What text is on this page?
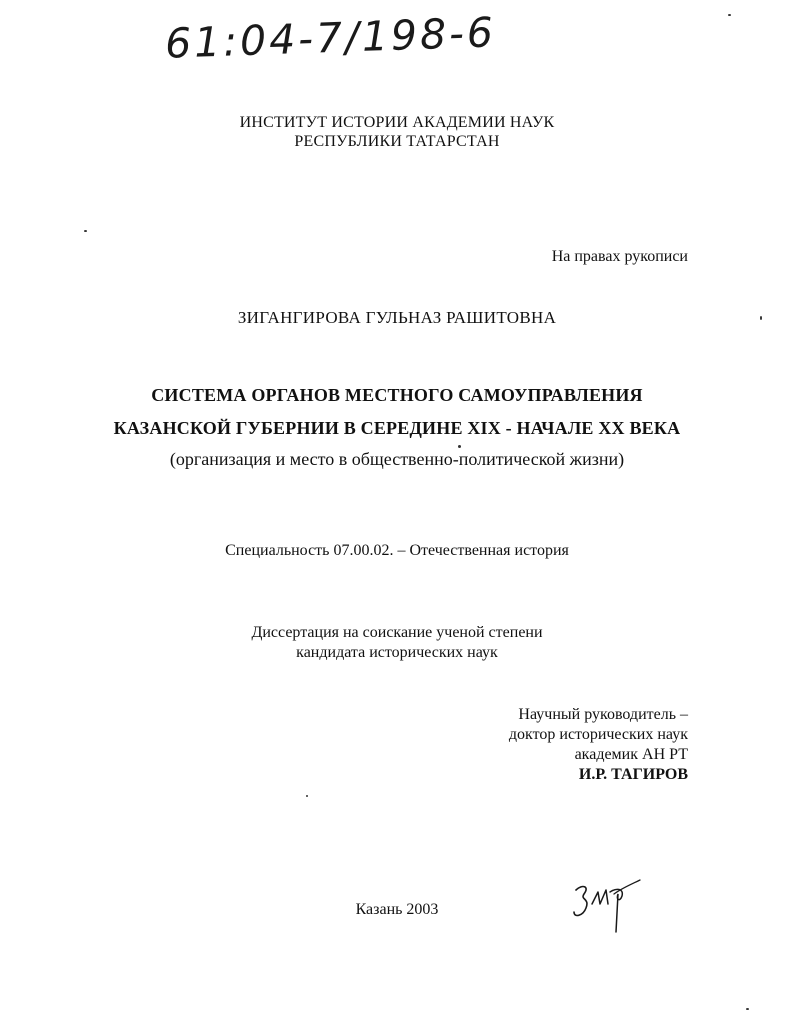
61:04-7/198-6
ИНСТИТУТ ИСТОРИИ АКАДЕМИИ НАУК
РЕСПУБЛИКИ ТАТАРСТАН
На правах рукописи
ЗИГАНГИРОВА ГУЛЬНАЗ РАШИТОВНА
СИСТЕМА ОРГАНОВ МЕСТНОГО САМОУПРАВЛЕНИЯ
КАЗАНСКОЙ ГУБЕРНИИ В СЕРЕДИНЕ XIX - НАЧАЛЕ XX ВЕКА
(организация и место в общественно-политической жизни)
Специальность 07.00.02. – Отечественная история
Диссертация на соискание ученой степени
кандидата исторических наук
Научный руководитель –
доктор исторических наук
академик АН РТ
И.Р. ТАГИРОВ
Казань 2003
